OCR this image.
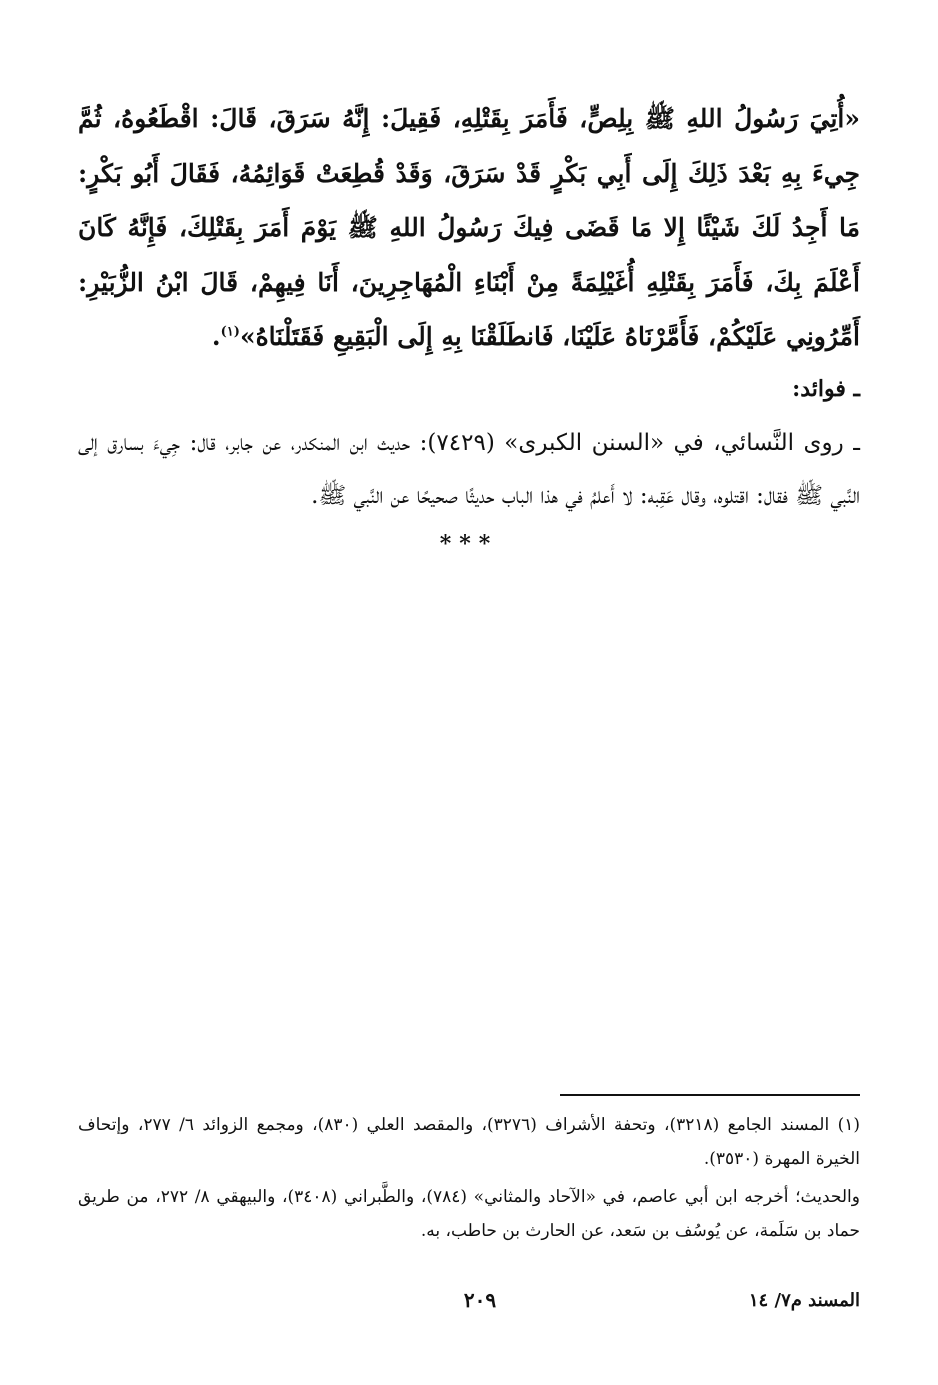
«أُتِيَ رَسُولُ اللهِ ﷺ بِلِصٍّ، فَأَمَرَ بِقَتْلِهِ، فَقِيلَ: إِنَّهُ سَرَقَ، قَالَ: اقْطَعُوهُ، ثُمَّ جِيءَ بِهِ بَعْدَ ذَلِكَ إِلَى أَبِي بَكْرٍ قَدْ سَرَقَ، وَقَدْ قُطِعَتْ قَوَائِمُهُ، فَقَالَ أَبُو بَكْرٍ: مَا أَجِدُ لَكَ شَيْئًا إِلا مَا قَضَى فِيكَ رَسُولُ اللهِ ﷺ يَوْمَ أَمَرَ بِقَتْلِكَ، فَإِنَّهُ كَانَ أَعْلَمَ بِكَ، فَأَمَرَ بِقَتْلِهِ أُغَيْلِمَةً مِنْ أَبْنَاءِ الْمُهَاجِرِينَ، أَنَا فِيهِمْ، قَالَ ابْنُ الزُّبَيْرِ: أَمِّرُونِي عَلَيْكُمْ، فَأَمَّرْنَاهُ عَلَيْنَا، فَانطَلَقْنَا بِهِ إِلَى الْبَقِيعِ فَقَتَلْنَاهُ»$^{(١)}$.

ـ فوائد:

ـ روى النَّسائي، في «السنن الكبرى» (٧٤٢٩): حديث ابن المنكدر، عن جابر، قال: جِيءَ بسارق إلى النَّبي ﷺ فقال: اقتلوه، وقال عَقِبه: لا أَعلمُ في هذا الباب حديثًا صحيحًا عن النَّبي ﷺ.

***

(١) المسند الجامع (٣٢١٨)، وتحفة الأشراف (٣٢٧٦)، والمقصد العلي (٨٣٠)، ومجمع الزوائد ٦/ ٢٧٧، وإتحاف الخيرة المهرة (٣٥٣٠).

والحديث؛ أخرجه ابن أبي عاصم، في «الآحاد والمثاني» (٧٨٤)، والطَّبراني (٣٤٠٨)، والبيهقي ٨/ ٢٧٢، من طريق حماد بن سَلَمة، عن يُوسُف بن سَعد، عن الحارث بن حاطب، به.

٢٠٩	المسند م٧/ ١٤
